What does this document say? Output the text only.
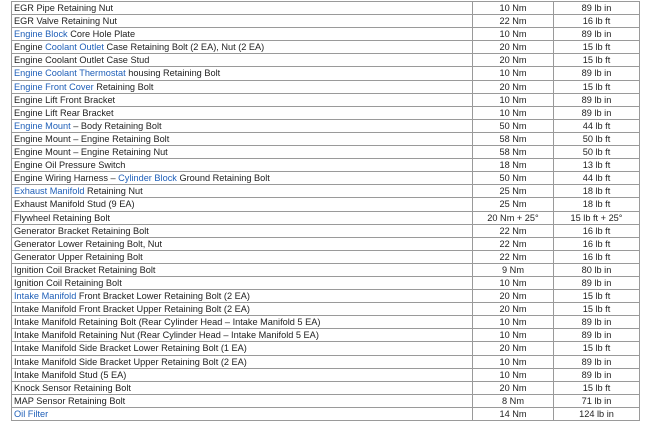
EGR Pipe Retaining Nut	10 Nm	89 lb in
EGR Valve Retaining Nut	22 Nm	16 lb ft
Engine Block Core Hole Plate	10 Nm	89 lb in
Engine Coolant Outlet Case Retaining Bolt (2 EA), Nut (2 EA)	20 Nm	15 lb ft
Engine Coolant Outlet Case Stud	20 Nm	15 lb ft
Engine Coolant Thermostat housing Retaining Bolt	10 Nm	89 lb in
Engine Front Cover Retaining Bolt	20 Nm	15 lb ft
Engine Lift Front Bracket	10 Nm	89 lb in
Engine Lift Rear Bracket	10 Nm	89 lb in
Engine Mount – Body Retaining Bolt	50 Nm	44 lb ft
Engine Mount – Engine Retaining Bolt	58 Nm	50 lb ft
Engine Mount – Engine Retaining Nut	58 Nm	50 lb ft
Engine Oil Pressure Switch	18 Nm	13 lb ft
Engine Wiring Harness – Cylinder Block Ground Retaining Bolt	50 Nm	44 lb ft
Exhaust Manifold Retaining Nut	25 Nm	18 lb ft
Exhaust Manifold Stud (9 EA)	25 Nm	18 lb ft
Flywheel Retaining Bolt	20 Nm + 25°	15 lb ft + 25°
Generator Bracket Retaining Bolt	22 Nm	16 lb ft
Generator Lower Retaining Bolt, Nut	22 Nm	16 lb ft
Generator Upper Retaining Bolt	22 Nm	16 lb ft
Ignition Coil Bracket Retaining Bolt	9 Nm	80 lb in
Ignition Coil Retaining Bolt	10 Nm	89 lb in
Intake Manifold Front Bracket Lower Retaining Bolt (2 EA)	20 Nm	15 lb ft
Intake Manifold Front Bracket Upper Retaining Bolt (2 EA)	20 Nm	15 lb ft
Intake Manifold Retaining Bolt (Rear Cylinder Head – Intake Manifold 5 EA)	10 Nm	89 lb in
Intake Manifold Retaining Nut (Rear Cylinder Head – Intake Manifold 5 EA)	10 Nm	89 lb in
Intake Manifold Side Bracket Lower Retaining Bolt (1 EA)	20 Nm	15 lb ft
Intake Manifold Side Bracket Upper Retaining Bolt (2 EA)	10 Nm	89 lb in
Intake Manifold Stud (5 EA)	10 Nm	89 lb in
Knock Sensor Retaining Bolt	20 Nm	15 lb ft
MAP Sensor Retaining Bolt	8 Nm	71 lb in
Oil Filter	14 Nm	124 lb in
